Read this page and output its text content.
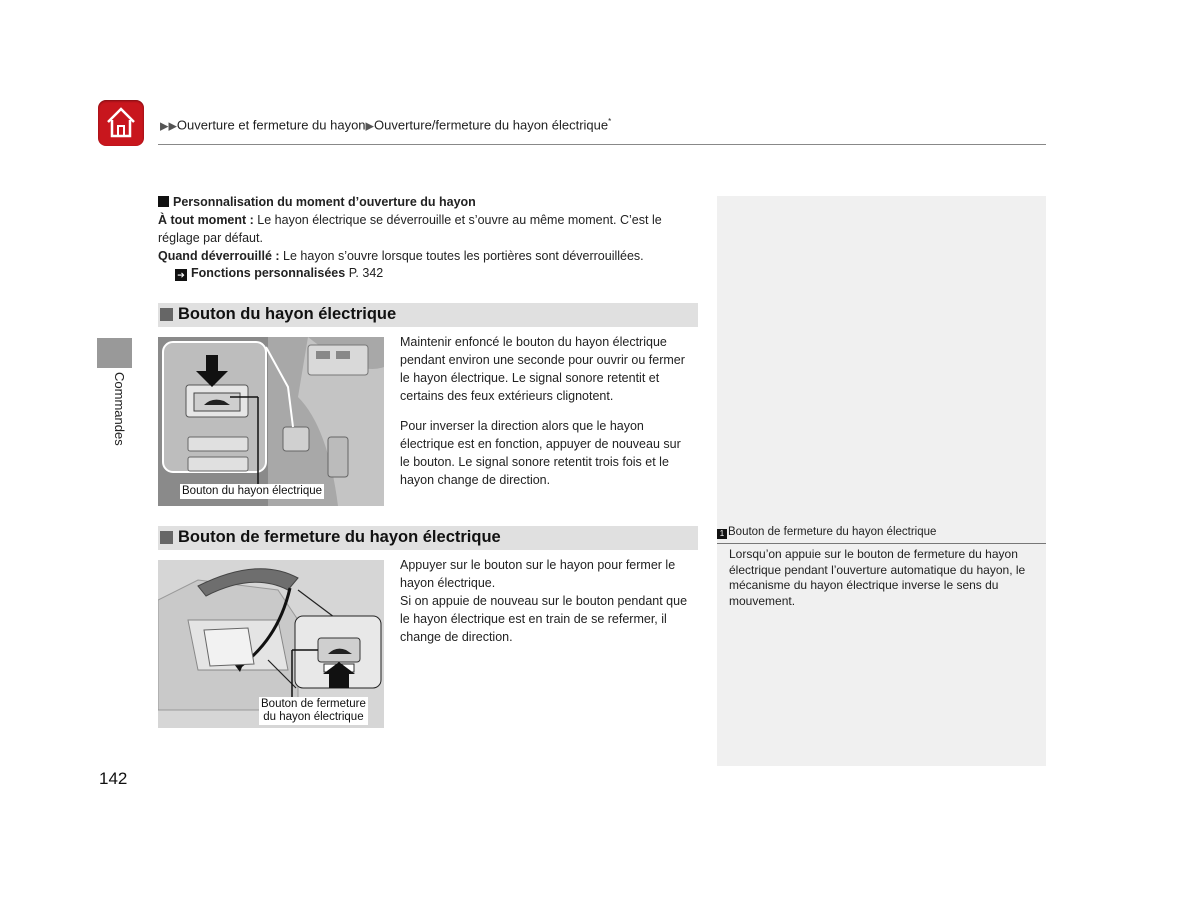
▶▶Ouverture et fermeture du hayon▶Ouverture/fermeture du hayon électrique*
Commandes
Personnalisation du moment d’ouverture du hayon
À tout moment : Le hayon électrique se déverrouille et s’ouvre au même moment. C’est le
réglage par défaut.
Quand déverrouillé : Le hayon s’ouvre lorsque toutes les portières sont déverrouillées.
➔ Fonctions personnalisées P. 342
Bouton du hayon électrique
Bouton du hayon électrique
Maintenir enfoncé le bouton du hayon électrique
pendant environ une seconde pour ouvrir ou fermer
le hayon électrique. Le signal sonore retentit et
certains des feux extérieurs clignotent.
Pour inverser la direction alors que le hayon
électrique est en fonction, appuyer de nouveau sur
le bouton. Le signal sonore retentit trois fois et le
hayon change de direction.
Bouton de fermeture du hayon électrique
Bouton de fermeture
du hayon électrique
Appuyer sur le bouton sur le hayon pour fermer le
hayon électrique.
Si on appuie de nouveau sur le bouton pendant que
le hayon électrique est en train de se refermer, il
change de direction.
1 Bouton de fermeture du hayon électrique
Lorsqu’on appuie sur le bouton de fermeture du hayon
électrique pendant l’ouverture automatique du hayon, le
mécanisme du hayon électrique inverse le sens du
mouvement.
142
